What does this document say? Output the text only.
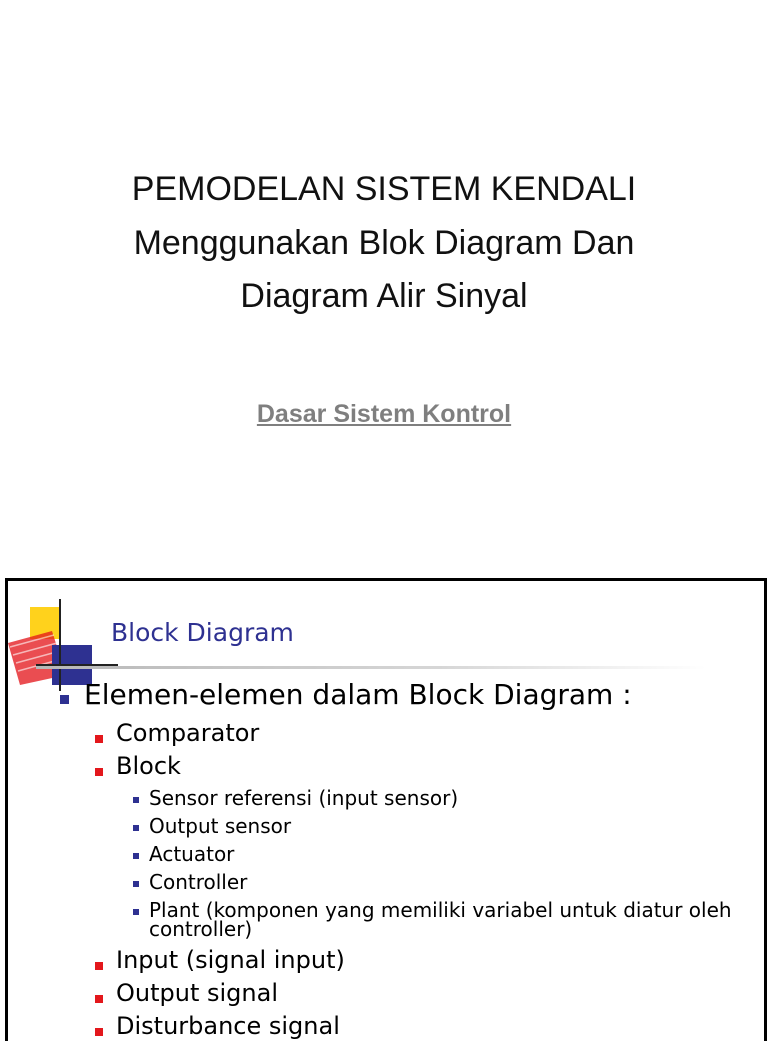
PEMODELAN SISTEM KENDALI
Menggunakan Blok Diagram Dan
Diagram Alir Sinyal
Dasar Sistem Kontrol
Block Diagram
Elemen-elemen dalam Block Diagram :
Comparator
Block
Sensor referensi (input sensor)
Output sensor
Actuator
Controller
Plant (komponen yang memiliki variabel untuk diatur oleh
controller)
Input (signal input)
Output signal
Disturbance signal
